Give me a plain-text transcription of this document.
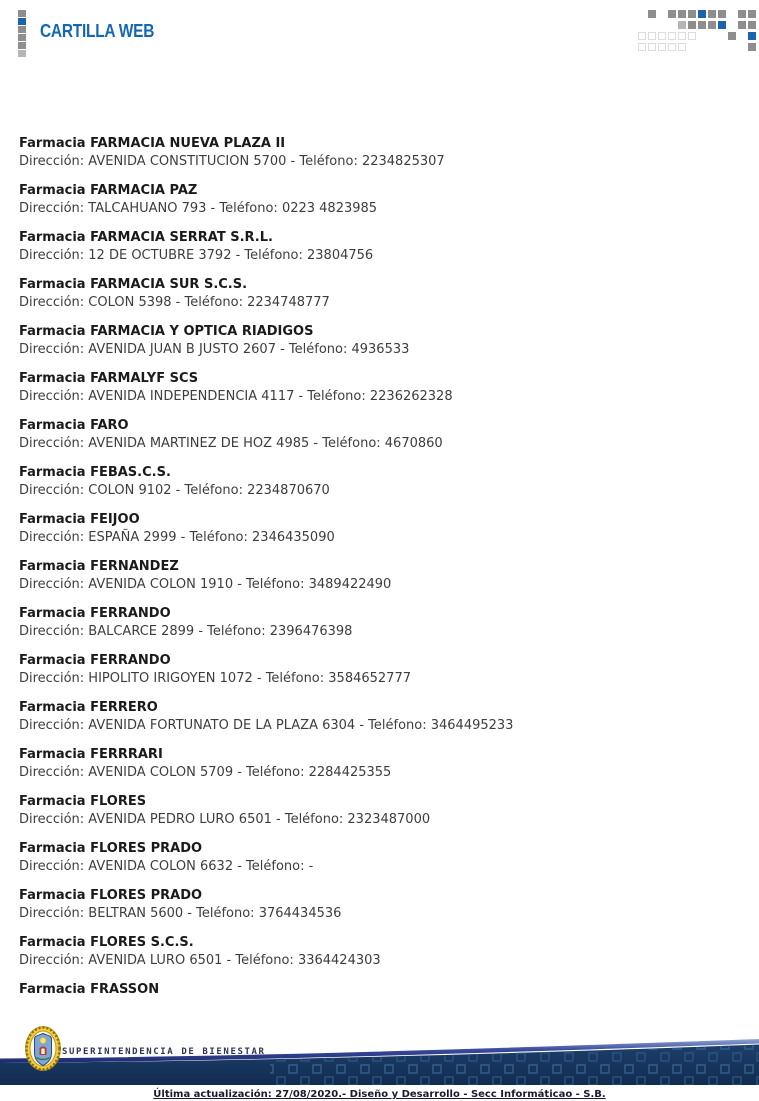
CARTILLA WEB
Farmacia FARMACIA NUEVA PLAZA II
Dirección: AVENIDA CONSTITUCION 5700 - Teléfono: 2234825307
Farmacia FARMACIA PAZ
Dirección: TALCAHUANO 793 - Teléfono: 0223 4823985
Farmacia FARMACIA SERRAT S.R.L.
Dirección: 12 DE OCTUBRE 3792 - Teléfono: 23804756
Farmacia FARMACIA SUR S.C.S.
Dirección: COLON 5398 - Teléfono: 2234748777
Farmacia FARMACIA Y OPTICA RIADIGOS
Dirección: AVENIDA JUAN B JUSTO 2607 - Teléfono: 4936533
Farmacia FARMALYF SCS
Dirección: AVENIDA INDEPENDENCIA 4117 - Teléfono: 2236262328
Farmacia FARO
Dirección: AVENIDA MARTINEZ DE HOZ 4985 - Teléfono: 4670860
Farmacia FEBAS.C.S.
Dirección: COLON 9102 - Teléfono: 2234870670
Farmacia FEIJOO
Dirección: ESPAÑA 2999 - Teléfono: 2346435090
Farmacia FERNANDEZ
Dirección: AVENIDA COLON 1910 - Teléfono: 3489422490
Farmacia FERRANDO
Dirección: BALCARCE 2899 - Teléfono: 2396476398
Farmacia FERRANDO
Dirección: HIPOLITO IRIGOYEN 1072 - Teléfono: 3584652777
Farmacia FERRERO
Dirección: AVENIDA FORTUNATO DE LA PLAZA 6304 - Teléfono: 3464495233
Farmacia FERRRARI
Dirección: AVENIDA COLON 5709 - Teléfono: 2284425355
Farmacia FLORES
Dirección: AVENIDA PEDRO LURO 6501 - Teléfono: 2323487000
Farmacia FLORES PRADO
Dirección: AVENIDA COLON 6632 - Teléfono: -
Farmacia FLORES PRADO
Dirección: BELTRAN 5600 - Teléfono: 3764434536
Farmacia FLORES S.C.S.
Dirección: AVENIDA LURO 6501 - Teléfono: 3364424303
Farmacia FRASSON
SUPERINTENDENCIA DE BIENESTAR
Última actualización: 27/08/2020.- Diseño y Desarrollo - Secc Informáticao - S.B.
